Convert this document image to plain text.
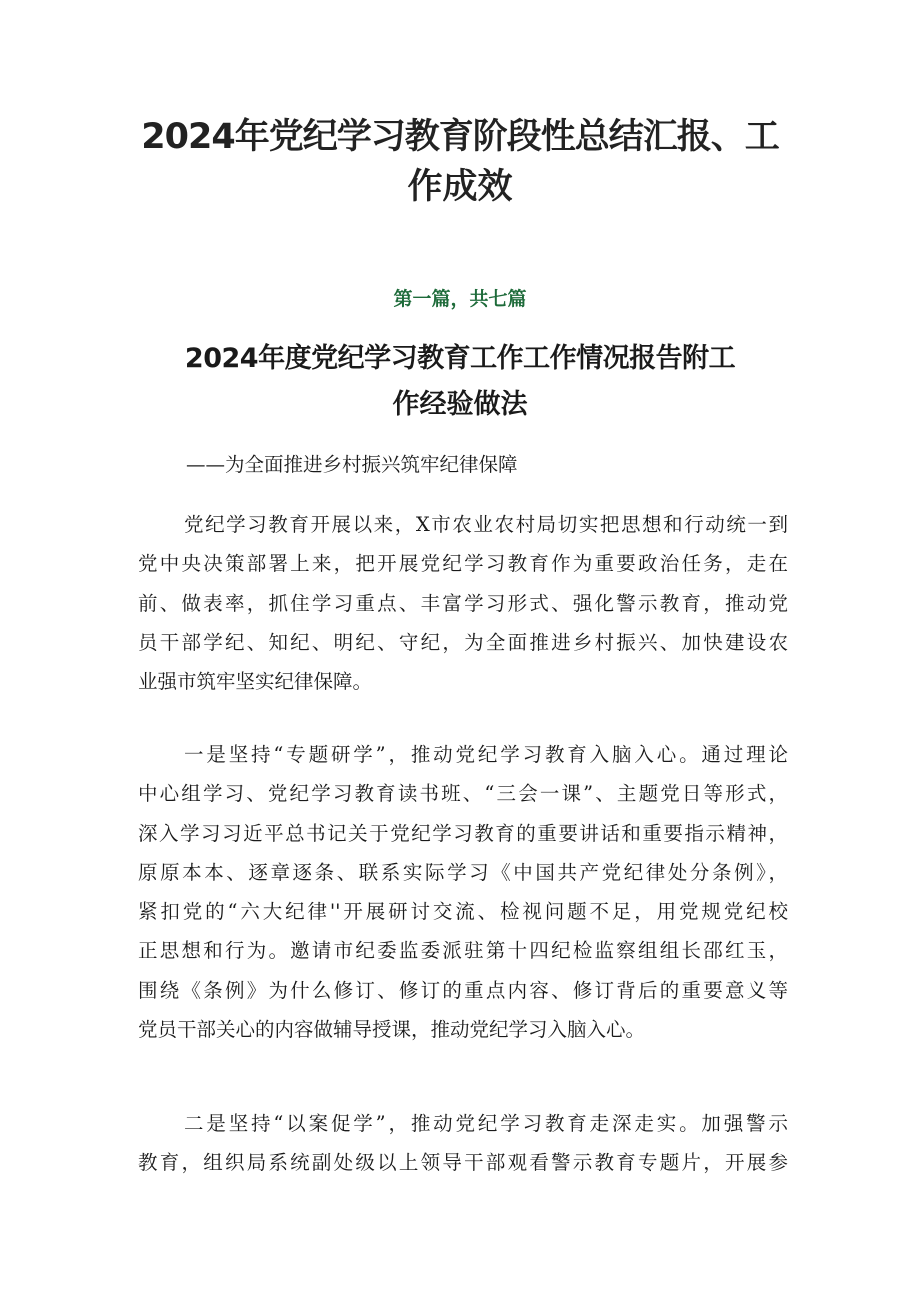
2024年党纪学习教育阶段性总结汇报、工
作成效
第一篇，共七篇
2024年度党纪学习教育工作工作情况报告附工
作经验做法
——为全面推进乡村振兴筑牢纪律保障
党纪学习教育开展以来，X市农业农村局切实把思想和行动统一到
党中央决策部署上来，把开展党纪学习教育作为重要政治任务，走在
前、做表率，抓住学习重点、丰富学习形式、强化警示教育，推动党
员干部学纪、知纪、明纪、守纪，为全面推进乡村振兴、加快建设农
业强市筑牢坚实纪律保障。
一是坚持“专题研学”，推动党纪学习教育入脑入心。通过理论
中心组学习、党纪学习教育读书班、“三会一课”、主题党日等形式，
深入学习习近平总书记关于党纪学习教育的重要讲话和重要指示精神，
原原本本、逐章逐条、联系实际学习《中国共产党纪律处分条例》，
紧扣党的“六大纪律''开展研讨交流、检视问题不足，用党规党纪校
正思想和行为。邀请市纪委监委派驻第十四纪检监察组组长邵红玉，
围绕《条例》为什么修订、修订的重点内容、修订背后的重要意义等
党员干部关心的内容做辅导授课，推动党纪学习入脑入心。
二是坚持“以案促学”，推动党纪学习教育走深走实。加强警示
教育，组织局系统副处级以上领导干部观看警示教育专题片，开展参
